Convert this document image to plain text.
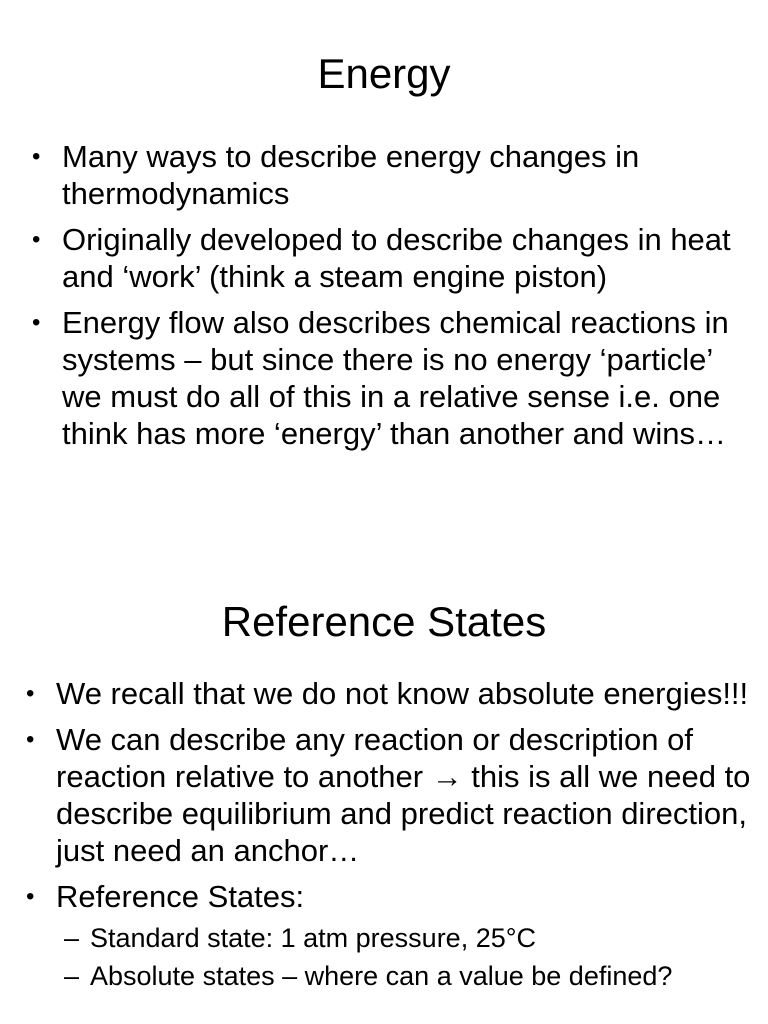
Energy
• Many ways to describe energy changes in thermodynamics
• Originally developed to describe changes in heat and ‘work’ (think a steam engine piston)
• Energy flow also describes chemical reactions in systems – but since there is no energy ‘particle’ we must do all of this in a relative sense i.e. one think has more ‘energy’ than another and wins…
Reference States
• We recall that we do not know absolute energies!!!
• We can describe any reaction or description of reaction relative to another → this is all we need to describe equilibrium and predict reaction direction, just need an anchor…
• Reference States:
– Standard state: 1 atm pressure, 25°C
– Absolute states – where can a value be defined?
